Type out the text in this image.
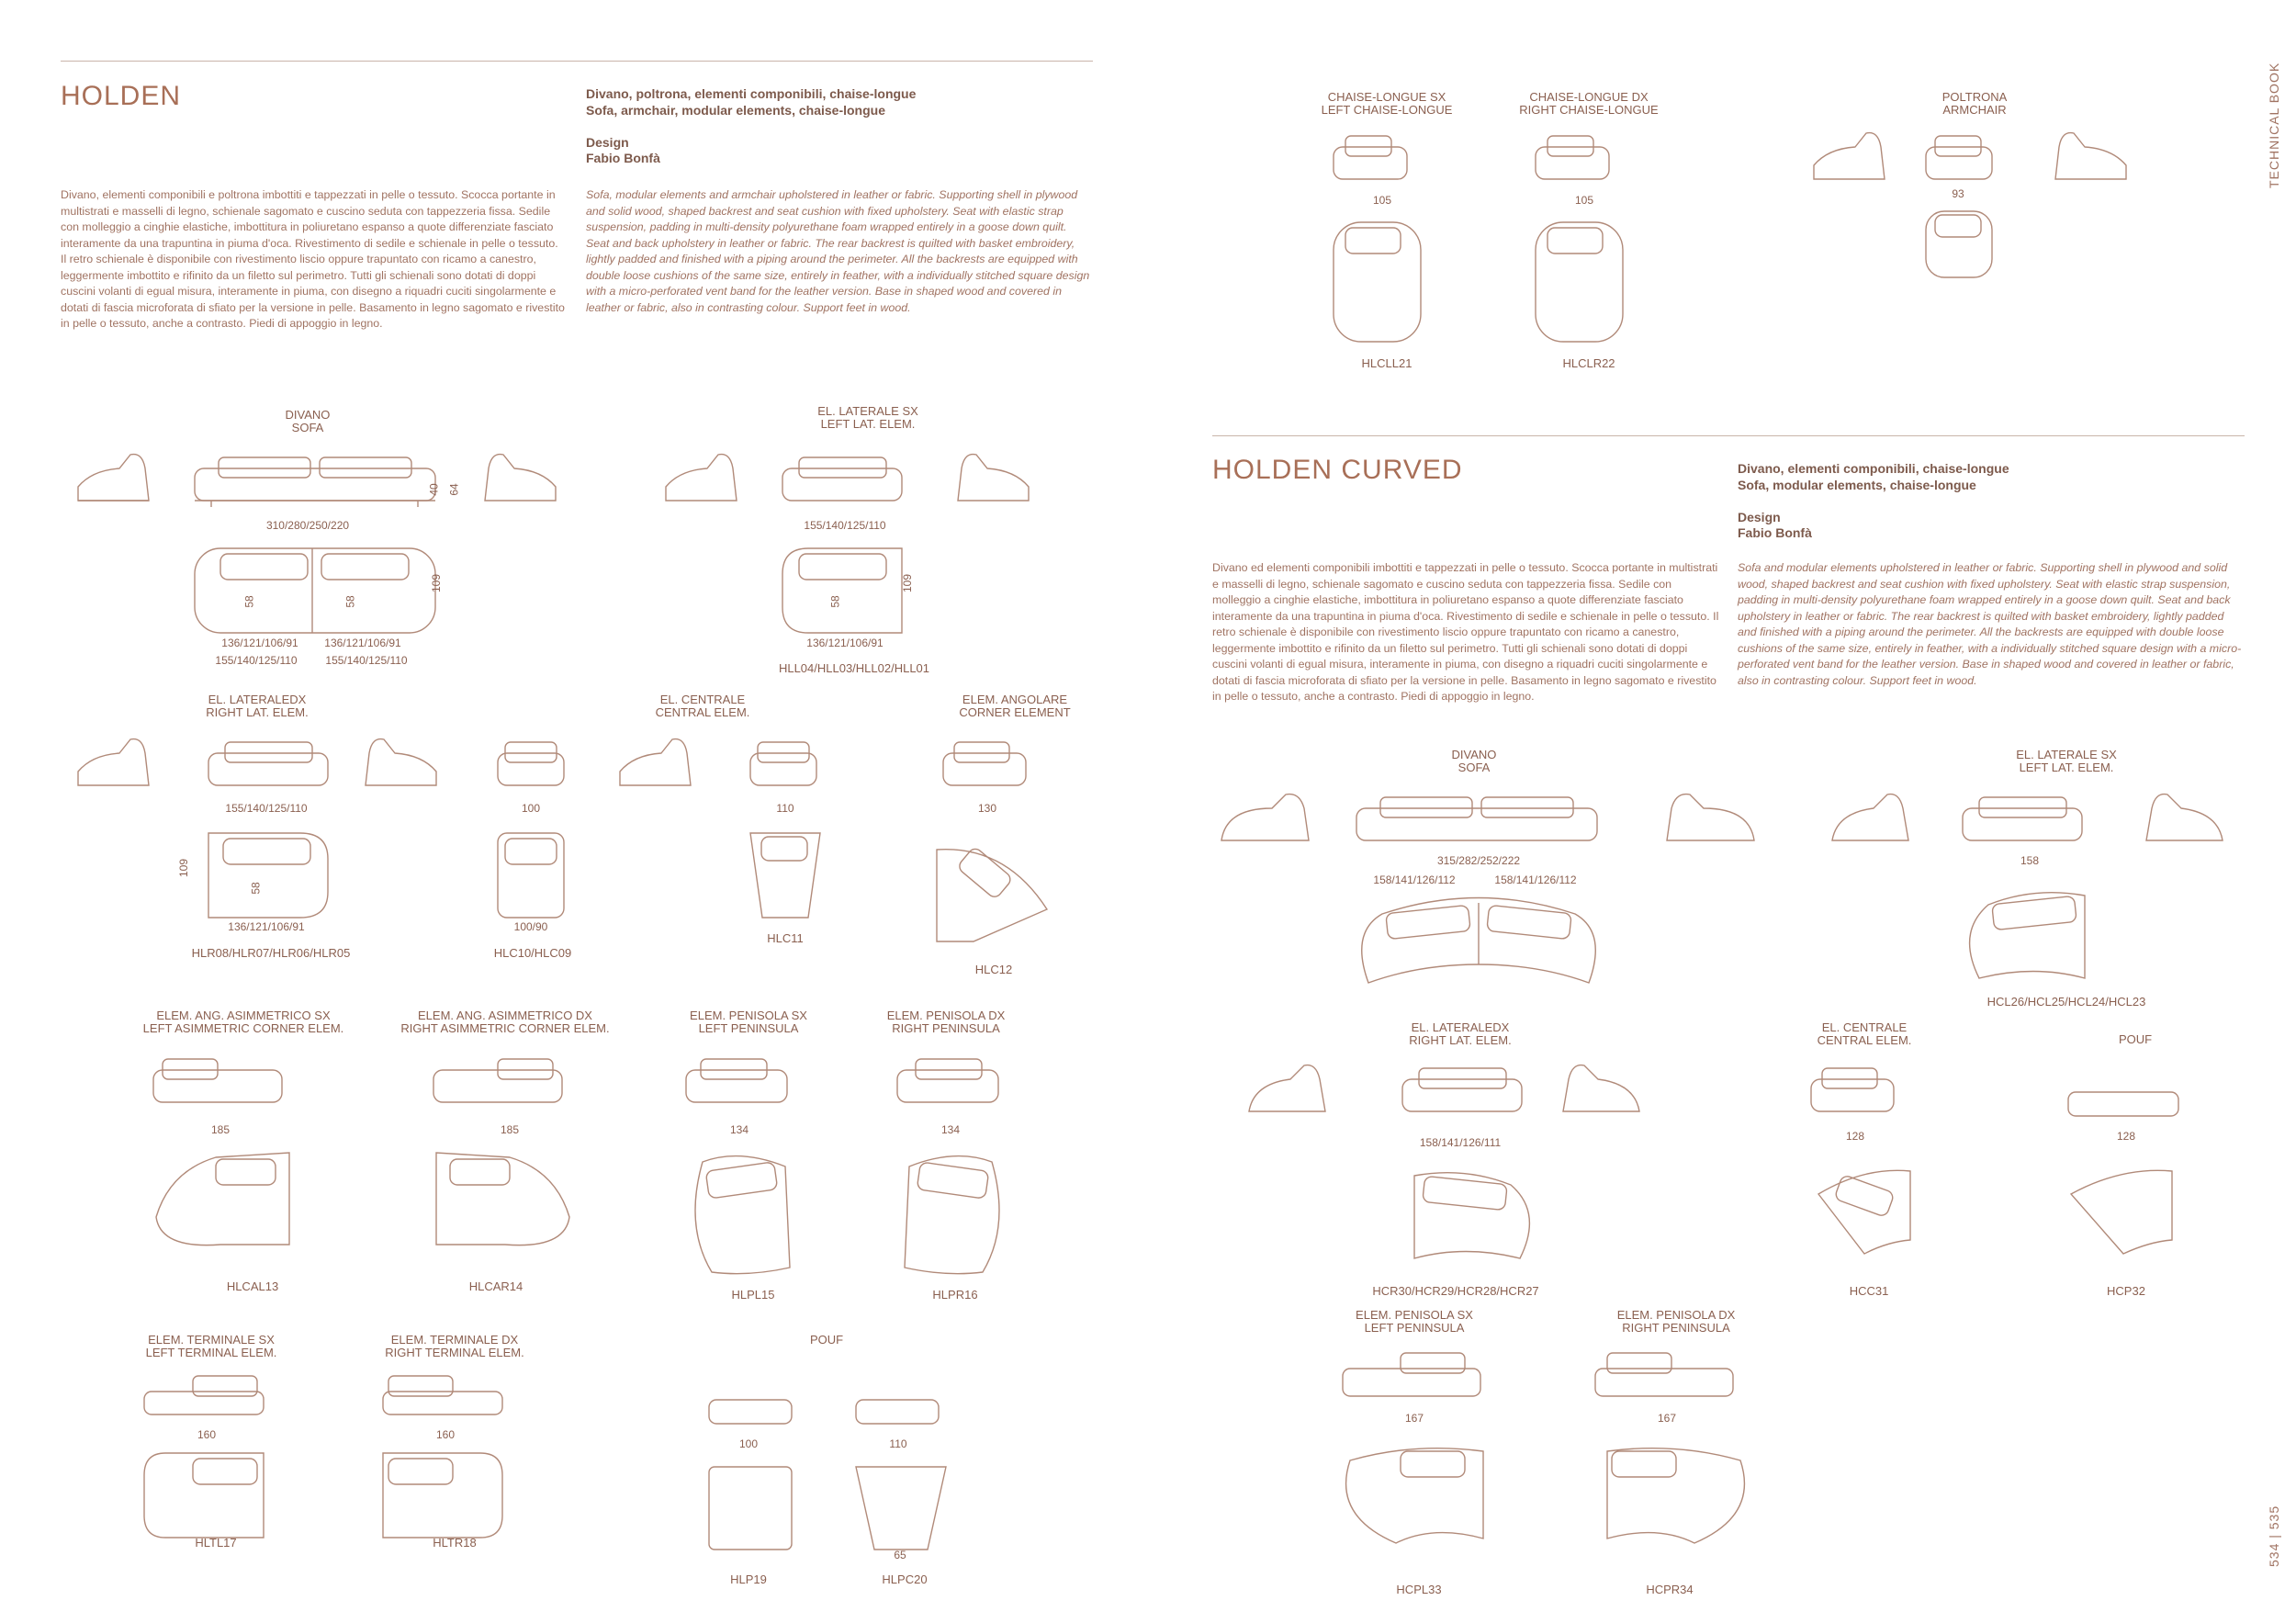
HOLDEN	Divano, poltrona, elementi componibili, chaise-longue
Sofa, armchair, modular elements, chaise-longue
Design
Fabio Bonfà
Divano, elementi componibili e poltrona imbottiti e tappezzati in pelle o tessuto. Scocca portante in multistrati e masselli di legno, schienale sagomato e cuscino seduta con tappezzeria fissa. Sedile con molleggio a cinghie elastiche, imbottitura in poliuretano espanso a quote differenziate fasciato interamente da una trapuntina in piuma d'oca. Rivestimento di sedile e schienale in pelle o tessuto. Il retro schienale è disponibile con rivestimento liscio oppure trapuntato con ricamo a canestro, leggermente imbottito e rifinito da un filetto sul perimetro. Tutti gli schienali sono dotati di doppi cuscini volanti di egual misura, interamente in piuma, con disegno a riquadri cuciti singolarmente e dotati di fascia microforata di sfiato per la versione in pelle. Basamento in legno sagomato e rivestito in pelle o tessuto, anche a contrasto. Piedi di appoggio in legno.
Sofa, modular elements and armchair upholstered in leather or fabric. Supporting shell in plywood and solid wood, shaped backrest and seat cushion with fixed upholstery. Seat with elastic strap suspension, padding in multi-density polyurethane foam wrapped entirely in a goose down quilt. Seat and back upholstery in leather or fabric. The rear backrest is quilted with basket embroidery, lightly padded and finished with a piping around the perimeter. All the backrests are equipped with double loose cushions of the same size, entirely in feather, with a individually stitched square design with a micro-perforated vent band for the leather version. Base in shaped wood and covered in leather or fabric, also in contrasting colour. Support feet in wood.
HOLDEN CURVED	Divano, elementi componibili, chaise-longue
Sofa, modular elements, chaise-longue
Design
Fabio Bonfà
Divano ed elementi componibili imbottiti e tappezzati in pelle o tessuto. Scocca portante in multistrati e masselli di legno, schienale sagomato e cuscino seduta con tappezzeria fissa. Sedile con molleggio a cinghie elastiche, imbottitura in poliuretano espanso a quote differenziate fasciato interamente da una trapuntina in piuma d'oca. Rivestimento di sedile e schienale in pelle o tessuto. Il retro schienale è disponibile con rivestimento liscio oppure trapuntato con ricamo a canestro, leggermente imbottito e rifinito da un filetto sul perimetro. Tutti gli schienali sono dotati di doppi cuscini volanti di egual misura, interamente in piuma, con disegno a riquadri cuciti singolarmente e dotati di fascia microforata di sfiato per la versione in pelle. Basamento in legno sagomato e rivestito in pelle o tessuto, anche a contrasto. Piedi di appoggio in legno.
Sofa and modular elements upholstered in leather or fabric. Supporting shell in plywood and solid wood, shaped backrest and seat cushion with fixed upholstery. Seat with elastic strap suspension, padding in multi-density polyurethane foam wrapped entirely in a goose down quilt. Seat and back upholstery in leather or fabric. The rear backrest is quilted with basket embroidery, lightly padded and finished with a piping around the perimeter. All the backrests are equipped with double loose cushions of the same size, entirely in feather, with a individually stitched square design with a micro-perforated vent band for the leather version. Base in shaped wood and covered in leather or fabric, also in contrasting colour. Support feet in wood.
TECHNICAL BOOK
534 | 535
DIVANO
SOFA
40 64
310/280/250/220
58	58
109
136/121/106/91	136/121/106/91
155/140/125/110	155/140/125/110
EL. LATERALE SX
LEFT LAT. ELEM.
155/140/125/110
58
109
136/121/106/91
HLL04/HLL03/HLL02/HLL01
EL. LATERALEDX
RIGHT LAT. ELEM.
155/140/125/110
58
109
136/121/106/91
HLR08/HLR07/HLR06/HLR05
EL. CENTRALE
CENTRAL ELEM.
100
100/90
HLC10/HLC09
110
HLC11
ELEM. ANGOLARE
CORNER ELEMENT
130
HLC12
ELEM. ANG. ASIMMETRICO SX
LEFT ASIMMETRIC CORNER ELEM.
185
HLCAL13
ELEM. ANG. ASIMMETRICO DX
RIGHT ASIMMETRIC CORNER ELEM.
185
HLCAR14
ELEM. PENISOLA SX
LEFT PENINSULA
134
HLPL15
ELEM. PENISOLA DX
RIGHT PENINSULA
134
HLPR16
ELEM. TERMINALE SX
LEFT TERMINAL ELEM.
160
HLTL17
ELEM. TERMINALE DX
RIGHT TERMINAL ELEM.
160
HLTR18
POUF
100	110
65
HLP19	HLPC20
CHAISE-LONGUE SX
LEFT CHAISE-LONGUE
105
HLCLL21
CHAISE-LONGUE DX
RIGHT CHAISE-LONGUE
105
HLCLR22
POLTRONA
ARMCHAIR
93
DIVANO
SOFA
315/282/252/222
158/141/126/112	158/141/126/112
EL. LATERALE SX
LEFT LAT. ELEM.
158
HCL26/HCL25/HCL24/HCL23
EL. LATERALEDX
RIGHT LAT. ELEM.
158/141/126/111
HCR30/HCR29/HCR28/HCR27
EL. CENTRALE
CENTRAL ELEM.
128
HCC31
POUF
128
HCP32
ELEM. PENISOLA SX
LEFT PENINSULA
167
HCPL33
ELEM. PENISOLA DX
RIGHT PENINSULA
167
HCPR34
